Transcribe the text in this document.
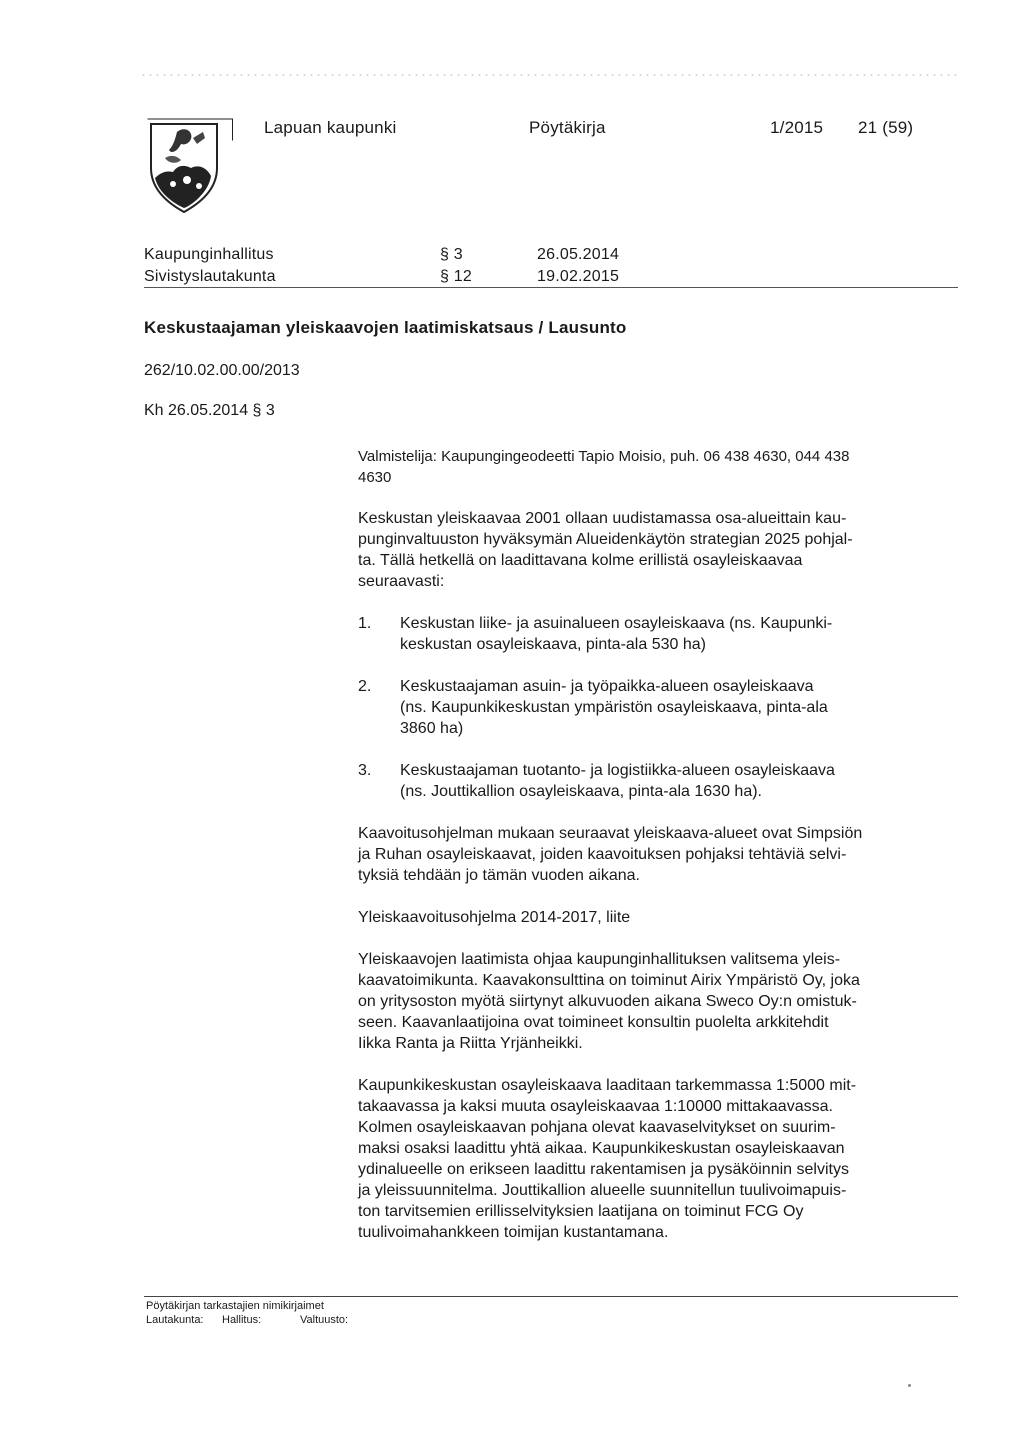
Lapuan kaupunki	Pöytäkirja	1/2015 21 (59)
Kaupunginhallitus	§ 3	26.05.2014
Sivistyslautakunta	§ 12	19.02.2015
Keskustaajaman yleiskaavojen laatimiskatsaus / Lausunto
262/10.02.00.00/2013
Kh 26.05.2014 § 3
Valmistelija: Kaupungingeodeetti Tapio Moisio, puh. 06 438 4630, 044 438
4630
Keskustan yleiskaavaa 2001 ollaan uudistamassa osa-alueittain kau-
punginvaltuuston hyväksymän Alueidenkäytön strategian 2025 pohjal-
ta. Tällä hetkellä on laadittavana kolme erillistä osayleiskaavaa
seuraavasti:
1.	Keskustan liike- ja asuinalueen osayleiskaava (ns. Kaupunki-
keskustan osayleiskaava, pinta-ala 530 ha)
2.	Keskustaajaman asuin- ja työpaikka-alueen osayleiskaava
(ns. Kaupunkikeskustan ympäristön osayleiskaava, pinta-ala
3860 ha)
3.	Keskustaajaman tuotanto- ja logistiikka-alueen osayleiskaava
(ns. Jouttikallion osayleiskaava, pinta-ala 1630 ha).
Kaavoitusohjelman mukaan seuraavat yleiskaava-alueet ovat Simpsiön
ja Ruhan osayleiskaavat, joiden kaavoituksen pohjaksi tehtäviä selvi-
tyksiä tehdään jo tämän vuoden aikana.
Yleiskaavoitusohjelma 2014-2017, liite
Yleiskaavojen laatimista ohjaa kaupunginhallituksen valitsema yleis-
kaavatoimikunta. Kaavakonsulttina on toiminut Airix Ympäristö Oy, joka
on yritysoston myötä siirtynyt alkuvuoden aikana Sweco Oy:n omistuk-
seen. Kaavanlaatijoina ovat toimineet konsultin puolelta arkkitehdit
Iikka Ranta ja Riitta Yrjänheikki.
Kaupunkikeskustan osayleiskaava laaditaan tarkemmassa 1:5000 mit-
takaavassa ja kaksi muuta osayleiskaavaa 1:10000 mittakaavassa.
Kolmen osayleiskaavan pohjana olevat kaavaselvitykset on suurim-
maksi osaksi laadittu yhtä aikaa. Kaupunkikeskustan osayleiskaavan
ydinalueelle on erikseen laadittu rakentamisen ja pysäköinnin selvitys
ja yleissuunnitelma. Jouttikallion alueelle suunnitellun tuulivoimapuis-
ton tarvitsemien erillisselvityksien laatijana on toiminut FCG Oy
tuulivoimahankkeen toimijan kustantamana.
Pöytäkirjan tarkastajien nimikirjaimet
Lautakunta: Hallitus:	Valtuusto:
